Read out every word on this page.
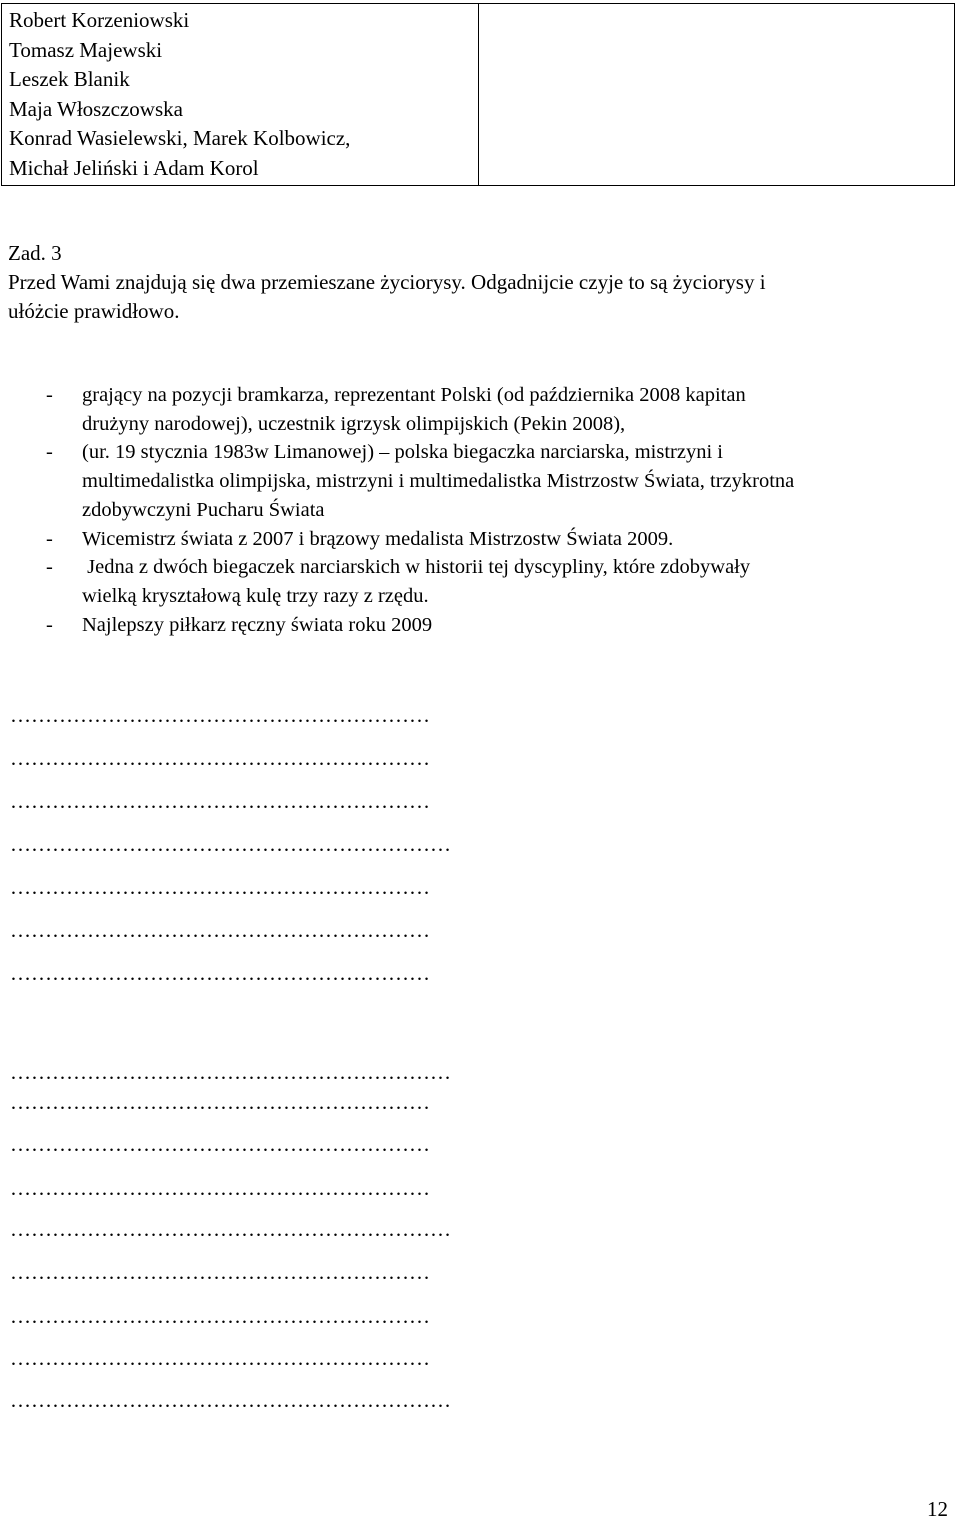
Robert Korzeniowski
Tomasz Majewski
Leszek Blanik
Maja Włoszczowska
Konrad Wasielewski, Marek Kolbowicz,
Michał Jeliński i Adam Korol

Zad. 3
Przed Wami znajdują się dwa przemieszane życiorysy. Odgadnijcie czyje to są życiorysy i
ułóżcie prawidłowo.
- grający na pozycji bramkarza, reprezentant Polski (od października 2008 kapitan
drużyny narodowej), uczestnik igrzysk olimpijskich (Pekin 2008),
- (ur. 19 stycznia 1983w Limanowej) – polska biegaczka narciarska, mistrzyni i
multimedalistka olimpijska, mistrzyni i multimedalistka Mistrzostw Świata, trzykrotna
zdobywczyni Pucharu Świata
- Wicemistrz świata z 2007 i brązowy medalista Mistrzostw Świata 2009.
- Jedna z dwóch biegaczek narciarskich w historii tej dyscypliny, które zdobywały
wielką kryształową kulę trzy razy z rzędu.
- Najlepszy piłkarz ręczny świata roku 2009
……………………………………………………
……………………………………………………
……………………………………………………
………………………………………………………
……………………………………………………
……………………………………………………
……………………………………………………
………………………………………………………
……………………………………………………
……………………………………………………
……………………………………………………
………………………………………………………
……………………………………………………
……………………………………………………
……………………………………………………
………………………………………………………
12
